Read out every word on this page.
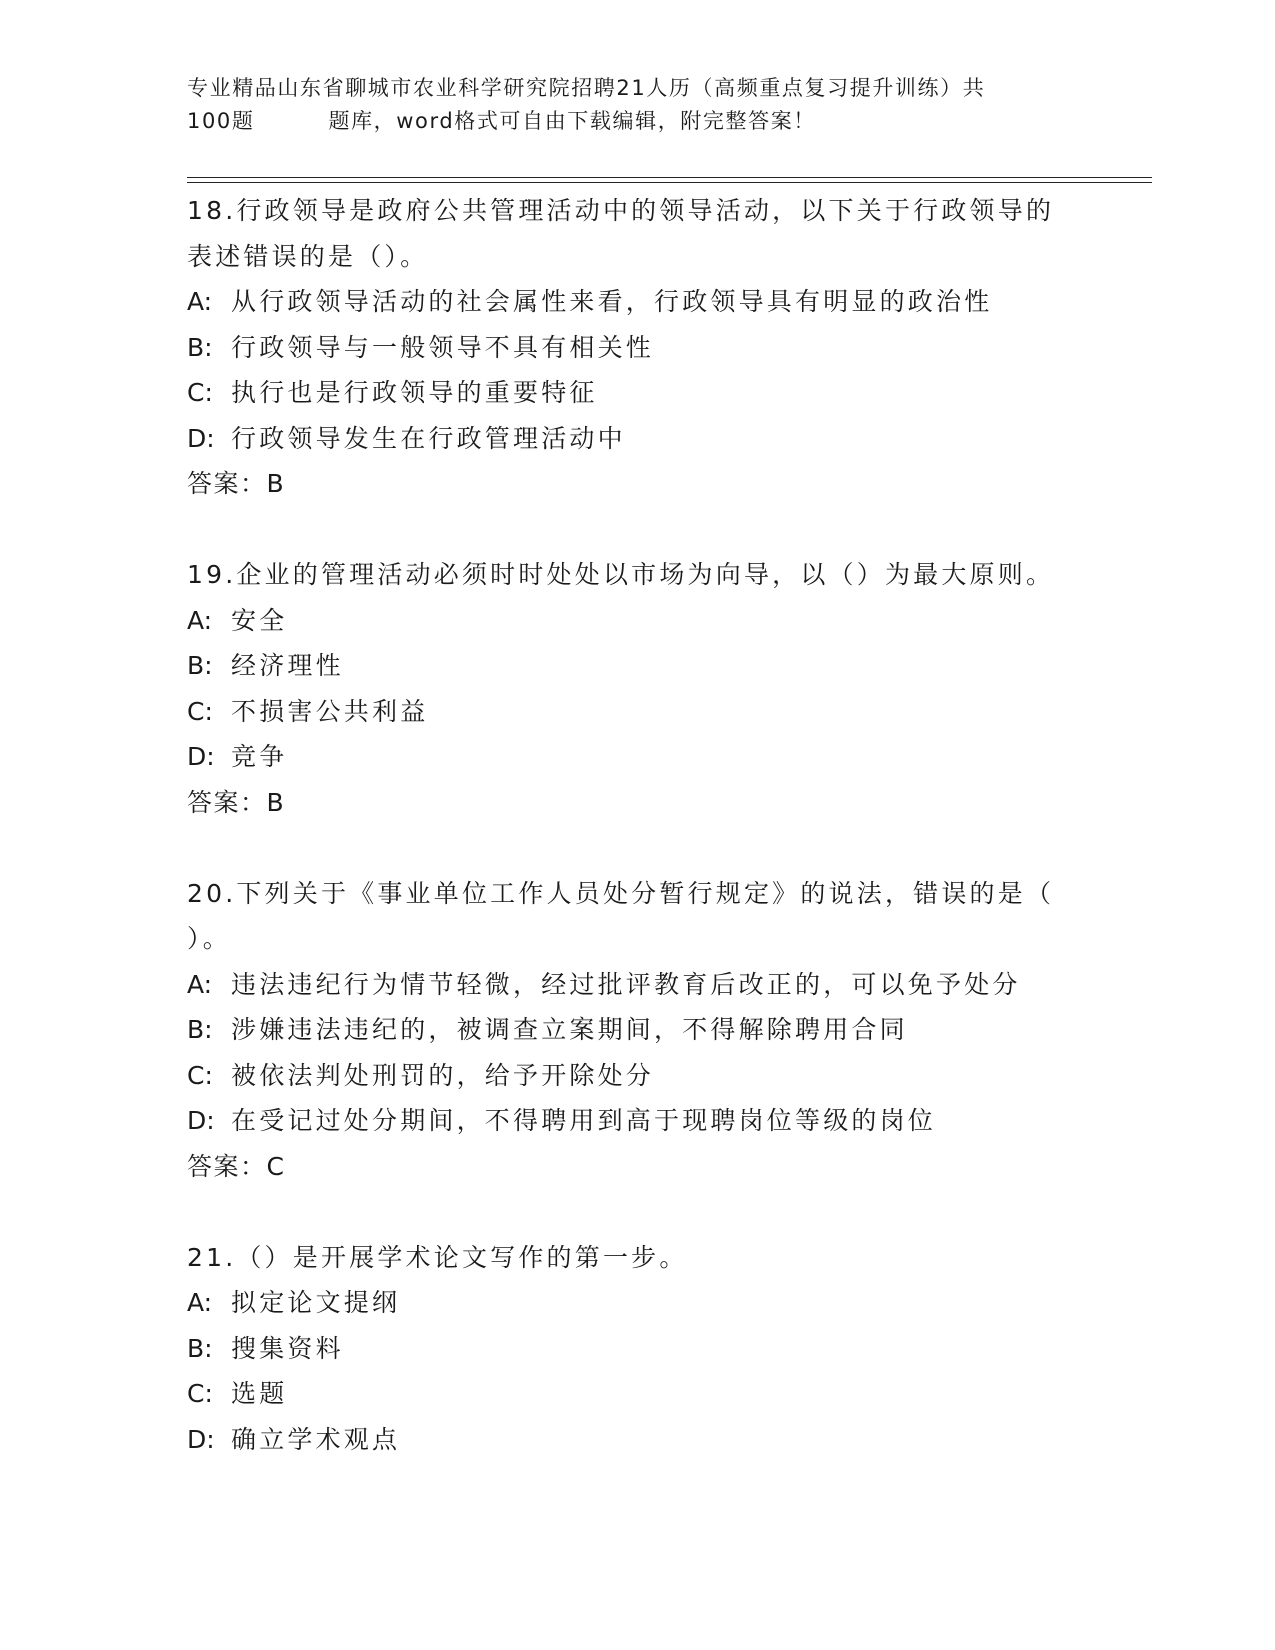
专业精品山东省聊城市农业科学研究院招聘21人历（高频重点复习提升训练）共
100题	题库，word格式可自由下载编辑，附完整答案！
18.行政领导是政府公共管理活动中的领导活动，以下关于行政领导的
表述错误的是（）。
A: 从行政领导活动的社会属性来看，行政领导具有明显的政治性
B: 行政领导与一般领导不具有相关性
C: 执行也是行政领导的重要特征
D: 行政领导发生在行政管理活动中
答案：B
19.企业的管理活动必须时时处处以市场为向导，以（）为最大原则。
A: 安全
B: 经济理性
C: 不损害公共利益
D: 竞争
答案：B
20.下列关于《事业单位工作人员处分暂行规定》的说法，错误的是（
）。
A: 违法违纪行为情节轻微，经过批评教育后改正的，可以免予处分
B: 涉嫌违法违纪的，被调查立案期间，不得解除聘用合同
C: 被依法判处刑罚的，给予开除处分
D: 在受记过处分期间，不得聘用到高于现聘岗位等级的岗位
答案：C
21.（）是开展学术论文写作的第一步。
A: 拟定论文提纲
B: 搜集资料
C: 选题
D: 确立学术观点
